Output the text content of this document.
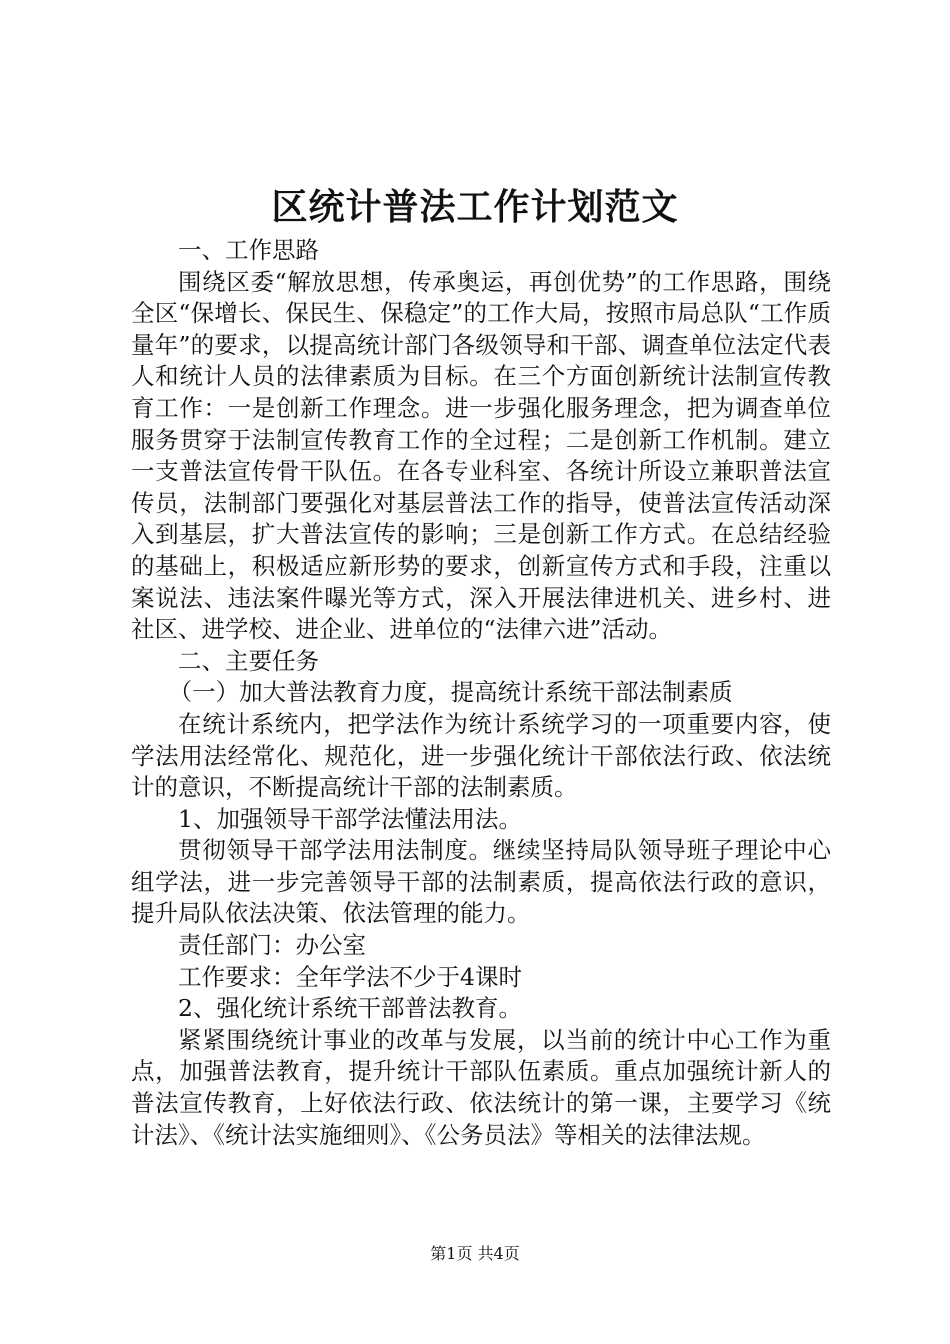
区统计普法工作计划范文

一、工作思路

围绕区委“解放思想，传承奥运，再创优势”的工作思路，围绕全区“保增长、保民生、保稳定”的工作大局，按照市局总队“工作质量年”的要求，以提高统计部门各级领导和干部、调查单位法定代表人和统计人员的法律素质为目标。在三个方面创新统计法制宣传教育工作：一是创新工作理念。进一步强化服务理念，把为调查单位服务贯穿于法制宣传教育工作的全过程；二是创新工作机制。建立一支普法宣传骨干队伍。在各专业科室、各统计所设立兼职普法宣传员，法制部门要强化对基层普法工作的指导，使普法宣传活动深入到基层，扩大普法宣传的影响；三是创新工作方式。在总结经验的基础上，积极适应新形势的要求，创新宣传方式和手段，注重以案说法、违法案件曝光等方式，深入开展法律进机关、进乡村、进社区、进学校、进企业、进单位的“法律六进”活动。

二、主要任务

（一）加大普法教育力度，提高统计系统干部法制素质

在统计系统内，把学法作为统计系统学习的一项重要内容，使学法用法经常化、规范化，进一步强化统计干部依法行政、依法统计的意识，不断提高统计干部的法制素质。

1、加强领导干部学法懂法用法。

贯彻领导干部学法用法制度。继续坚持局队领导班子理论中心组学法，进一步完善领导干部的法制素质，提高依法行政的意识，提升局队依法决策、依法管理的能力。

责任部门：办公室

工作要求：全年学法不少于4课时

2、强化统计系统干部普法教育。

紧紧围绕统计事业的改革与发展，以当前的统计中心工作为重点，加强普法教育，提升统计干部队伍素质。重点加强统计新人的普法宣传教育，上好依法行政、依法统计的第一课，主要学习《统计法》、《统计法实施细则》、《公务员法》等相关的法律法规。

第1页 共4页
